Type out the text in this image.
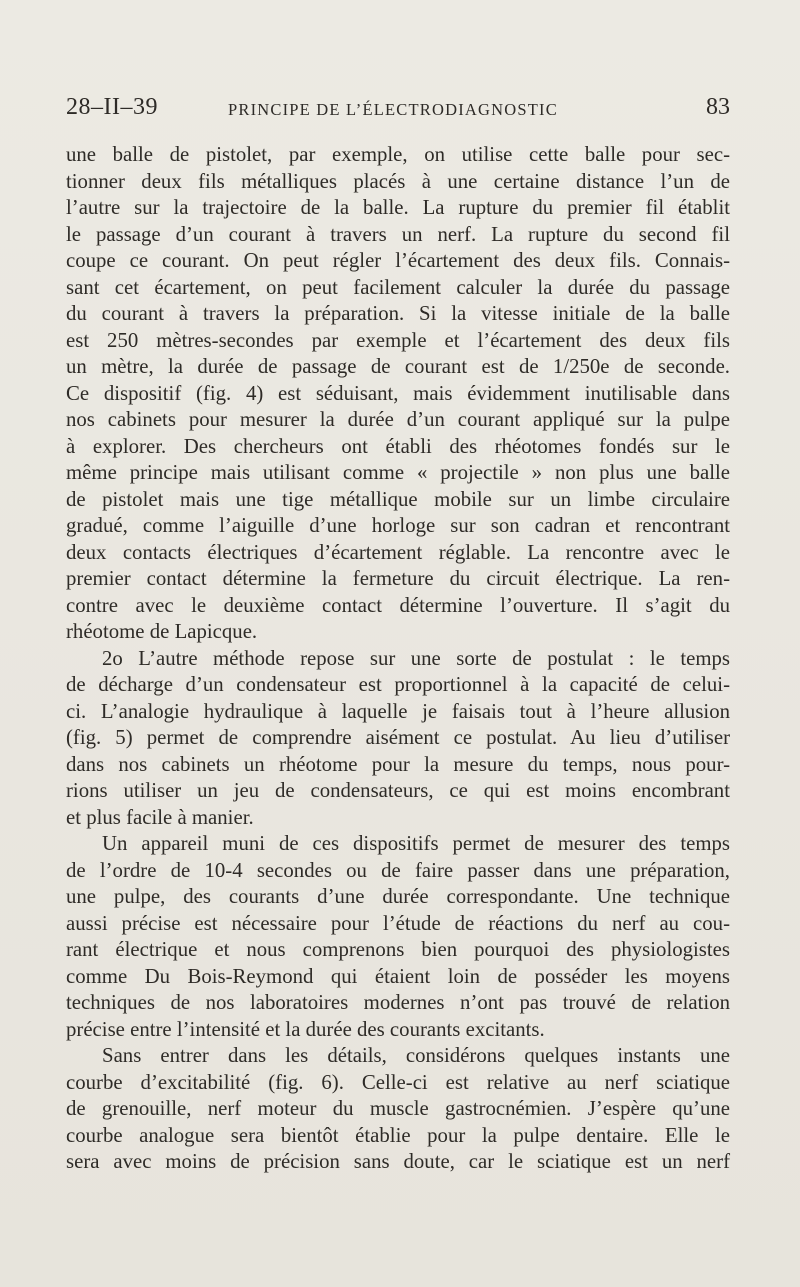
28–II–39	PRINCIPE DE L’ÉLECTRODIAGNOSTIC	83
une balle de pistolet, par exemple, on utilise cette balle pour sec-
tionner deux fils métalliques placés à une certaine distance l’un de
l’autre sur la trajectoire de la balle. La rupture du premier fil établit
le passage d’un courant à travers un nerf. La rupture du second fil
coupe ce courant. On peut régler l’écartement des deux fils. Connais-
sant cet écartement, on peut facilement calculer la durée du passage
du courant à travers la préparation. Si la vitesse initiale de la balle
est 250 mètres-secondes par exemple et l’écartement des deux fils
un mètre, la durée de passage de courant est de 1/250e de seconde.
Ce dispositif (fig. 4) est séduisant, mais évidemment inutilisable dans
nos cabinets pour mesurer la durée d’un courant appliqué sur la pulpe
à explorer. Des chercheurs ont établi des rhéotomes fondés sur le
même principe mais utilisant comme « projectile » non plus une balle
de pistolet mais une tige métallique mobile sur un limbe circulaire
gradué, comme l’aiguille d’une horloge sur son cadran et rencontrant
deux contacts électriques d’écartement réglable. La rencontre avec le
premier contact détermine la fermeture du circuit électrique. La ren-
contre avec le deuxième contact détermine l’ouverture. Il s’agit du
rhéotome de Lapicque.
2o L’autre méthode repose sur une sorte de postulat : le temps
de décharge d’un condensateur est proportionnel à la capacité de celui-
ci. L’analogie hydraulique à laquelle je faisais tout à l’heure allusion
(fig. 5) permet de comprendre aisément ce postulat. Au lieu d’utiliser
dans nos cabinets un rhéotome pour la mesure du temps, nous pour-
rions utiliser un jeu de condensateurs, ce qui est moins encombrant
et plus facile à manier.
Un appareil muni de ces dispositifs permet de mesurer des temps
de l’ordre de 10-4 secondes ou de faire passer dans une préparation,
une pulpe, des courants d’une durée correspondante. Une technique
aussi précise est nécessaire pour l’étude de réactions du nerf au cou-
rant électrique et nous comprenons bien pourquoi des physiologistes
comme Du Bois-Reymond qui étaient loin de posséder les moyens
techniques de nos laboratoires modernes n’ont pas trouvé de relation
précise entre l’intensité et la durée des courants excitants.
Sans entrer dans les détails, considérons quelques instants une
courbe d’excitabilité (fig. 6). Celle-ci est relative au nerf sciatique
de grenouille, nerf moteur du muscle gastrocnémien. J’espère qu’une
courbe analogue sera bientôt établie pour la pulpe dentaire. Elle le
sera avec moins de précision sans doute, car le sciatique est un nerf
